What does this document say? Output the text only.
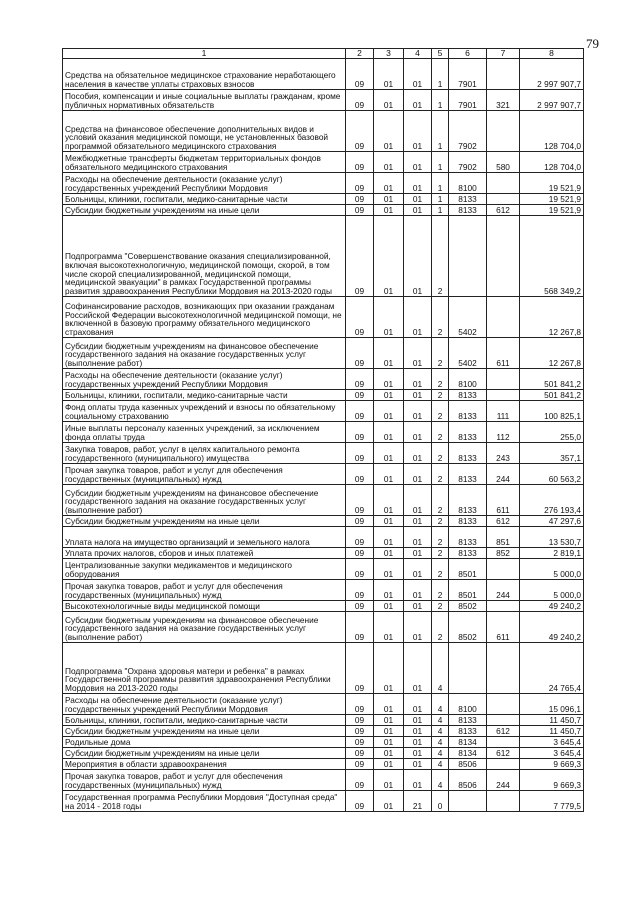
79
1	2	3	4	5	6	7	8
Средства на обязательное медицинское страхование неработающего населения в качестве уплаты страховых взносов	09	01	01	1	7901		2 997 907,7
Пособия, компенсации и иные социальные выплаты гражданам, кроме публичных нормативных обязательств	09	01	01	1	7901	321	2 997 907,7
Средства на финансовое обеспечение дополнительных видов и условий оказания медицинской помощи, не установленных базовой программой обязательного медицинского страхования	09	01	01	1	7902		128 704,0
Межбюджетные трансферты бюджетам территориальных фондов обязательного медицинского страхования	09	01	01	1	7902	580	128 704,0
Расходы на обеспечение деятельности (оказание услуг) государственных учреждений Республики Мордовия	09	01	01	1	8100		19 521,9
Больницы, клиники, госпитали, медико-санитарные части	09	01	01	1	8133		19 521,9
Субсидии бюджетным учреждениям на иные цели	09	01	01	1	8133	612	19 521,9
Подпрограмма "Совершенствование оказания специализированной, включая высокотехнологичную, медицинской помощи, скорой, в том числе скорой специализированной, медицинской помощи, медицинской эвакуации" в рамках Государственной программы развития здравоохранения Республики Мордовия на 2013-2020 годы	09	01	01	2			568 349,2
Софинансирование расходов, возникающих при оказании гражданам Российской Федерации высокотехнологичной медицинской помощи, не включенной в базовую программу обязательного медицинского страхования	09	01	01	2	5402		12 267,8
Субсидии бюджетным учреждениям на финансовое обеспечение государственного задания на оказание государственных услуг (выполнение работ)	09	01	01	2	5402	611	12 267,8
Расходы на обеспечение деятельности (оказание услуг) государственных учреждений Республики Мордовия	09	01	01	2	8100		501 841,2
Больницы, клиники, госпитали, медико-санитарные части	09	01	01	2	8133		501 841,2
Фонд оплаты труда казенных учреждений и взносы по обязательному социальному страхованию	09	01	01	2	8133	111	100 825,1
Иные выплаты персоналу казенных учреждений, за исключением фонда оплаты труда	09	01	01	2	8133	112	255,0
Закупка товаров, работ, услуг в целях капитального ремонта государственного (муниципального) имущества	09	01	01	2	8133	243	357,1
Прочая закупка товаров, работ и услуг для обеспечения государственных (муниципальных) нужд	09	01	01	2	8133	244	60 563,2
Субсидии бюджетным учреждениям на финансовое обеспечение государственного задания на оказание государственных услуг (выполнение работ)	09	01	01	2	8133	611	276 193,4
Субсидии бюджетным учреждениям на иные цели	09	01	01	2	8133	612	47 297,6
Уплата налога на имущество организаций и земельного налога	09	01	01	2	8133	851	13 530,7
Уплата прочих налогов, сборов и иных платежей	09	01	01	2	8133	852	2 819,1
Централизованные закупки медикаментов и медицинского оборудования	09	01	01	2	8501		5 000,0
Прочая закупка товаров, работ и услуг для обеспечения государственных (муниципальных) нужд	09	01	01	2	8501	244	5 000,0
Высокотехнологичные виды медицинской помощи	09	01	01	2	8502		49 240,2
Субсидии бюджетным учреждениям на финансовое обеспечение государственного задания на оказание государственных услуг (выполнение работ)	09	01	01	2	8502	611	49 240,2
Подпрограмма "Охрана здоровья матери и ребенка" в рамках Государственной программы развития здравоохранения Республики Мордовия на 2013-2020 годы	09	01	01	4			24 765,4
Расходы на обеспечение деятельности (оказание услуг) государственных учреждений Республики Мордовия	09	01	01	4	8100		15 096,1
Больницы, клиники, госпитали, медико-санитарные части	09	01	01	4	8133		11 450,7
Субсидии бюджетным учреждениям на иные цели	09	01	01	4	8133	612	11 450,7
Родильные дома	09	01	01	4	8134		3 645,4
Субсидии бюджетным учреждениям на иные цели	09	01	01	4	8134	612	3 645,4
Мероприятия в области здравоохранения	09	01	01	4	8506		9 669,3
Прочая закупка товаров, работ и услуг для обеспечения государственных (муниципальных) нужд	09	01	01	4	8506	244	9 669,3
Государственная программа Республики Мордовия "Доступная среда" на 2014 - 2018 годы	09	01	21	0			7 779,5
